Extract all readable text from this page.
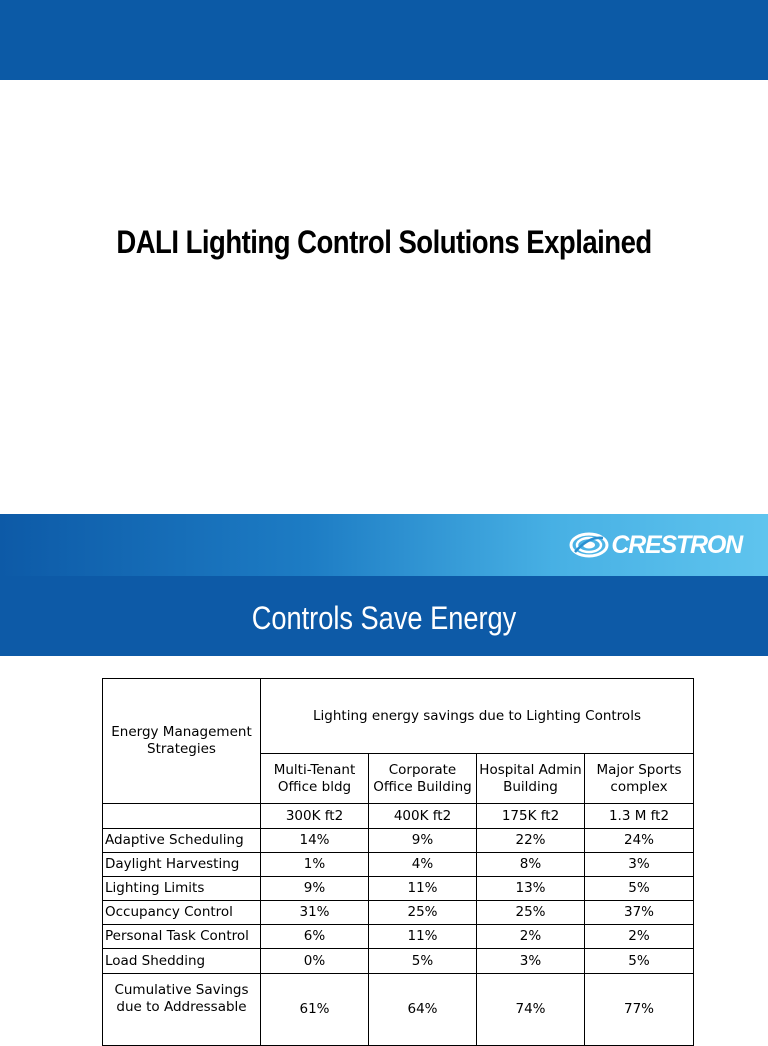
DALI Lighting Control Solutions Explained
CRESTRON
Controls Save Energy
Energy Management Strategies	Lighting energy savings due to Lighting Controls			
	Multi-Tenant Office bldg	Corporate Office Building	Hospital Admin Building	Major Sports complex
	300K ft2	400K ft2	175K ft2	1.3 M ft2
Adaptive Scheduling	14%	9%	22%	24%
Daylight Harvesting	1%	4%	8%	3%
Lighting Limits	9%	11%	13%	5%
Occupancy Control	31%	25%	25%	37%
Personal Task Control	6%	11%	2%	2%
Load Shedding	0%	5%	3%	5%
Cumulative Savings due to Addressable	61%	64%	74%	77%
